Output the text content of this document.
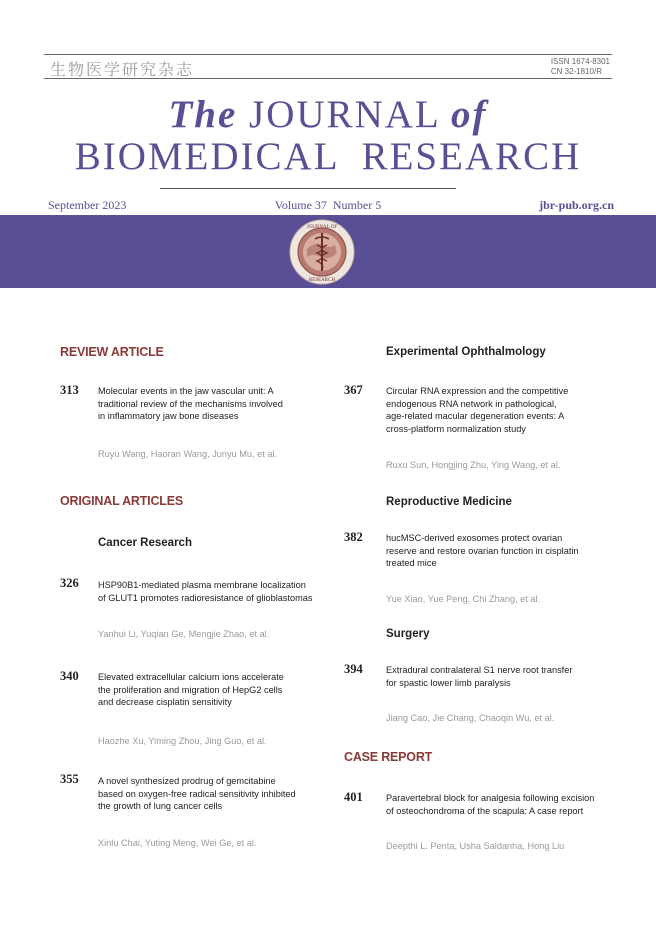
生物医学研究杂志	ISSN 1674-8301
CN 32-1810/R
The JOURNAL of
BIOMEDICAL  RESEARCH
September 2023	Volume 37  Number 5	jbr-pub.org.cn
JOURNAL OF
RESEARCH
REVIEW ARTICLE
313 Molecular events in the jaw vascular unit: A
traditional review of the mechanisms involved
in inflammatory jaw bone diseases
Ruyu Wang, Haoran Wang, Junyu Mu, et al.
ORIGINAL ARTICLES
Cancer Research
326 HSP90B1-mediated plasma membrane localization
of GLUT1 promotes radioresistance of glioblastomas
Yanhui Li, Yuqian Ge, Mengjie Zhao, et al.
340 Elevated extracellular calcium ions accelerate
the proliferation and migration of HepG2 cells
and decrease cisplatin sensitivity
Haozhe Xu, Yiming Zhou, Jing Guo, et al.
355 A novel synthesized prodrug of gemcitabine
based on oxygen-free radical sensitivity inhibited
the growth of lung cancer cells
Xinlu Chai, Yuting Meng, Wei Ge, et al.
Experimental Ophthalmology
367	Circular RNA expression and the competitive
endogenous RNA network in pathological,
age-related macular degeneration events: A
cross-platform normalization study
Ruxu Sun, Hongjing Zhu, Ying Wang, et al.
Reproductive Medicine
382	hucMSC-derived exosomes protect ovarian
reserve and restore ovarian function in cisplatin
treated mice
Yue Xiao, Yue Peng, Chi Zhang, et al.
Surgery
394	Extradural contralateral S1 nerve root transfer
for spastic lower limb paralysis
Jiang Cao, Jie Chang, Chaoqin Wu, et al.
CASE REPORT
401	Paravertebral block for analgesia following excision
of osteochondroma of the scapula: A case report
Deepthi L. Penta, Usha Saldanha, Hong Liu
